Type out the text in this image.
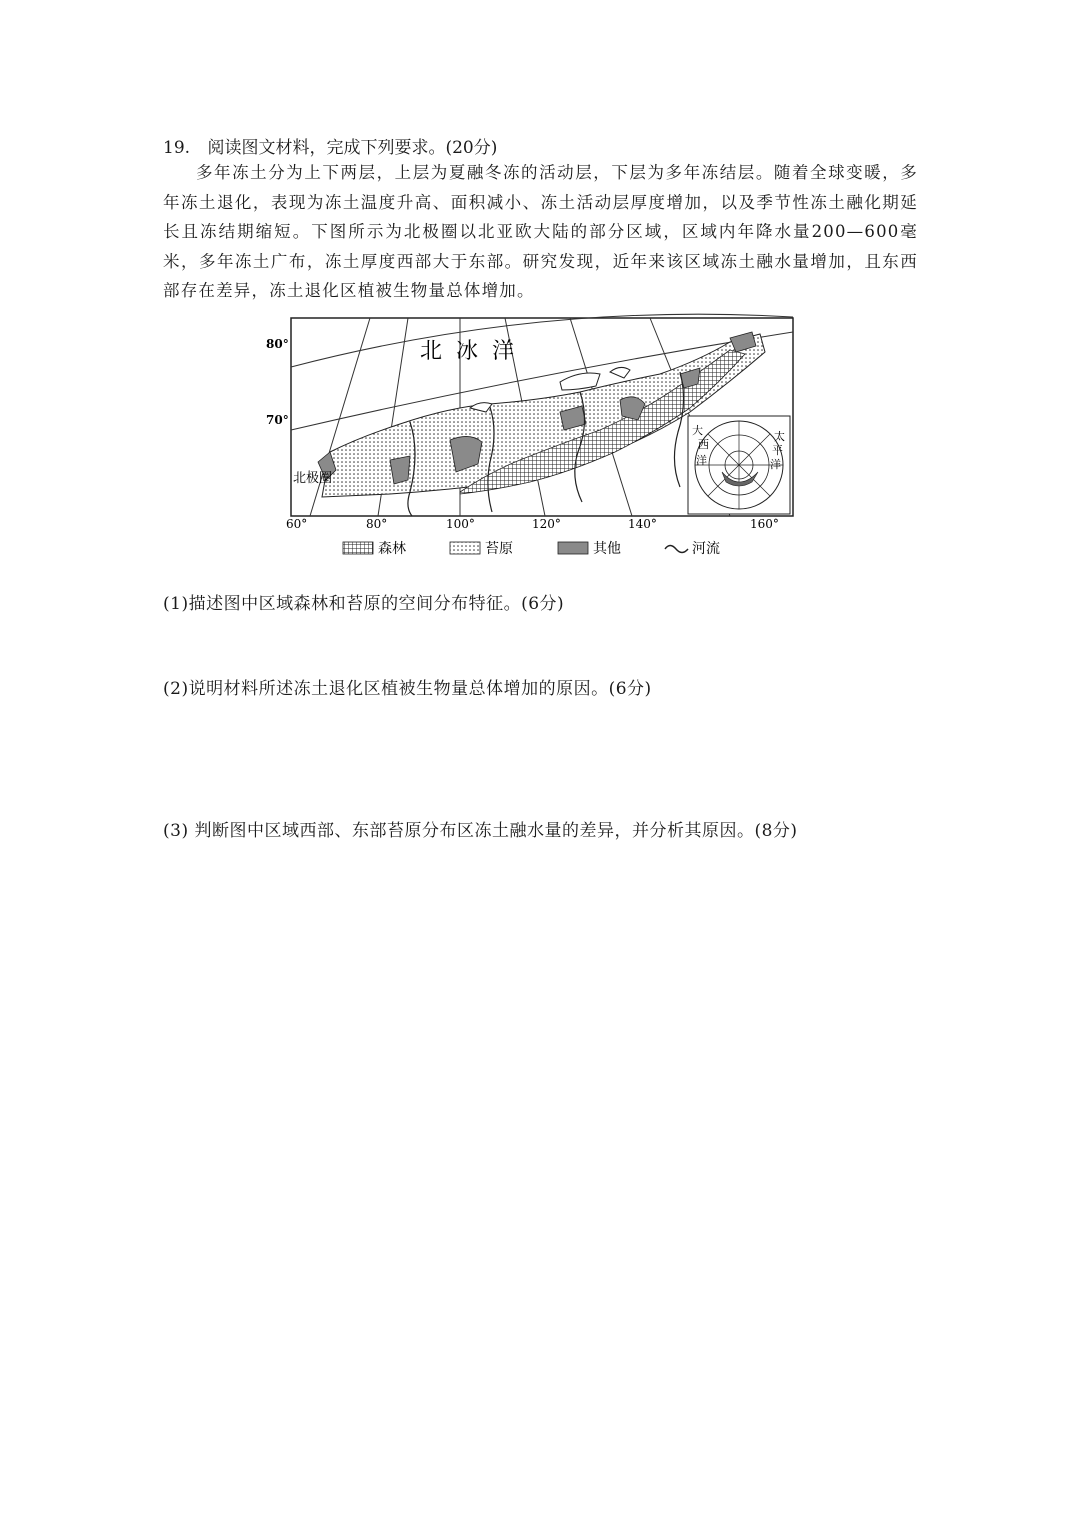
19. 阅读图文材料，完成下列要求。(20分)

多年冻土分为上下两层，上层为夏融冬冻的活动层，下层为多年冻结层。随着全球变暖，多年冻土退化，表现为冻土温度升高、面积减小、冻土活动层厚度增加，以及季节性冻土融化期延长且冻结期缩短。下图所示为北极圈以北亚欧大陆的部分区域，区域内年降水量200—600毫米，多年冻土广布，冻土厚度西部大于东部。研究发现，近年来该区域冻土融水量增加，且东西部存在差异，冻土退化区植被生物量总体增加。

北冰洋
北极圈
80°
70°
60°	80°	100°	120°	140°	160°
大
西
洋
太
平
洋
森林	苔原	其他	河流
(1)描述图中区域森林和苔原的空间分布特征。(6分)
(2)说明材料所述冻土退化区植被生物量总体增加的原因。(6分)
(3) 判断图中区域西部、东部苔原分布区冻土融水量的差异，并分析其原因。(8分)
